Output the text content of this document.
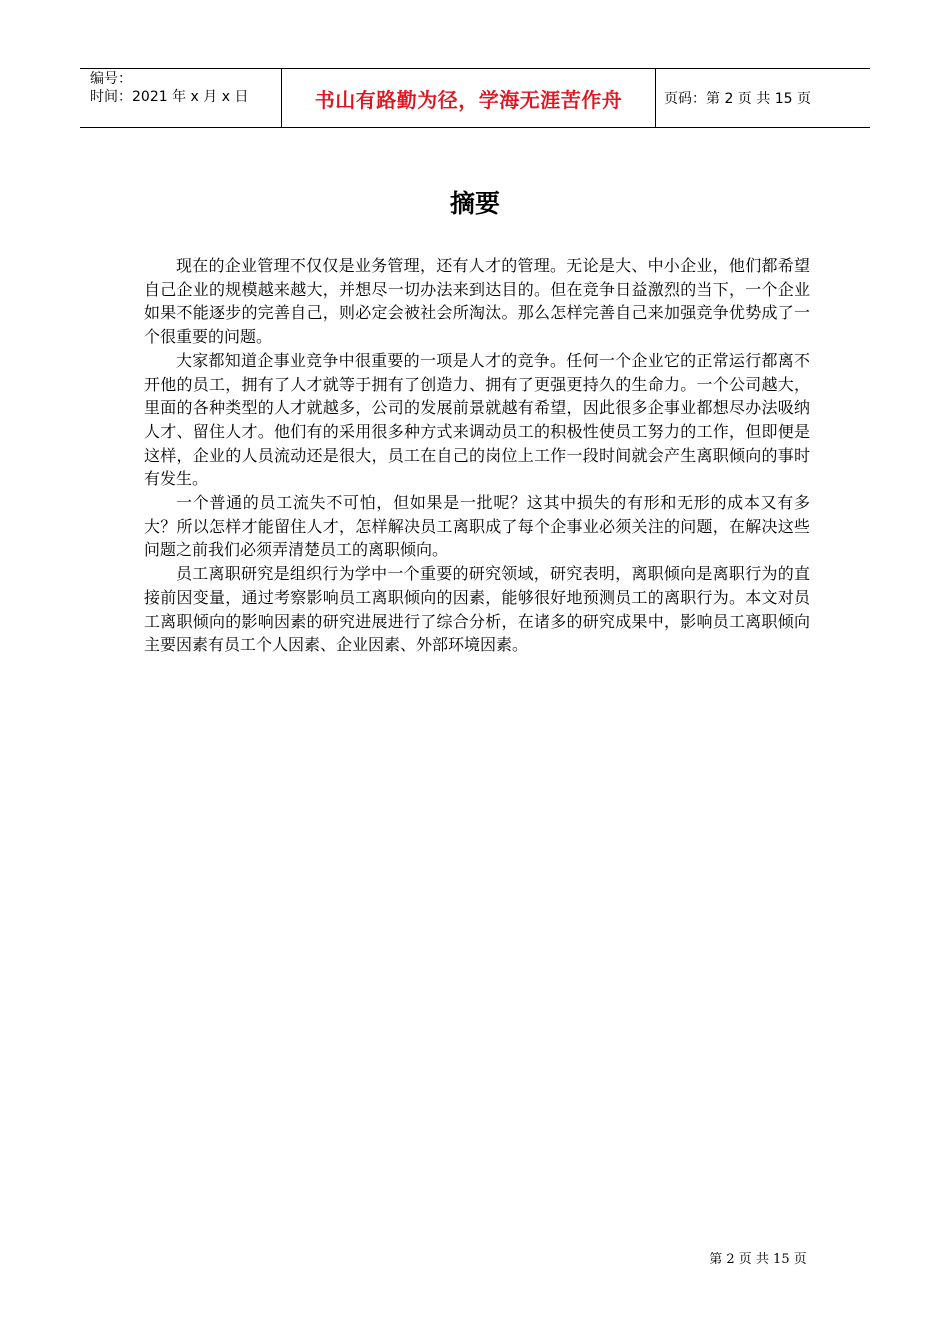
编号：
时间：2021 年 x 月 x 日	书山有路勤为径，学海无涯苦作舟	页码：第 2 页 共 15 页
摘要

现在的企业管理不仅仅是业务管理，还有人才的管理。无论是大、中小企业，他们都希望自己企业的规模越来越大，并想尽一切办法来到达目的。但在竞争日益激烈的当下，一个企业如果不能逐步的完善自己，则必定会被社会所淘汰。那么怎样完善自己来加强竞争优势成了一个很重要的问题。

大家都知道企事业竞争中很重要的一项是人才的竞争。任何一个企业它的正常运行都离不开他的员工，拥有了人才就等于拥有了创造力、拥有了更强更持久的生命力。一个公司越大，里面的各种类型的人才就越多，公司的发展前景就越有希望，因此很多企事业都想尽办法吸纳人才、留住人才。他们有的采用很多种方式来调动员工的积极性使员工努力的工作，但即便是这样，企业的人员流动还是很大，员工在自己的岗位上工作一段时间就会产生离职倾向的事时有发生。

一个普通的员工流失不可怕，但如果是一批呢？这其中损失的有形和无形的成本又有多大？所以怎样才能留住人才，怎样解决员工离职成了每个企事业必须关注的问题，在解决这些问题之前我们必须弄清楚员工的离职倾向。

员工离职研究是组织行为学中一个重要的研究领域，研究表明，离职倾向是离职行为的直接前因变量，通过考察影响员工离职倾向的因素，能够很好地预测员工的离职行为。本文对员工离职倾向的影响因素的研究进展进行了综合分析，在诸多的研究成果中，影响员工离职倾向主要因素有员工个人因素、企业因素、外部环境因素。

第 2 页 共 15 页
